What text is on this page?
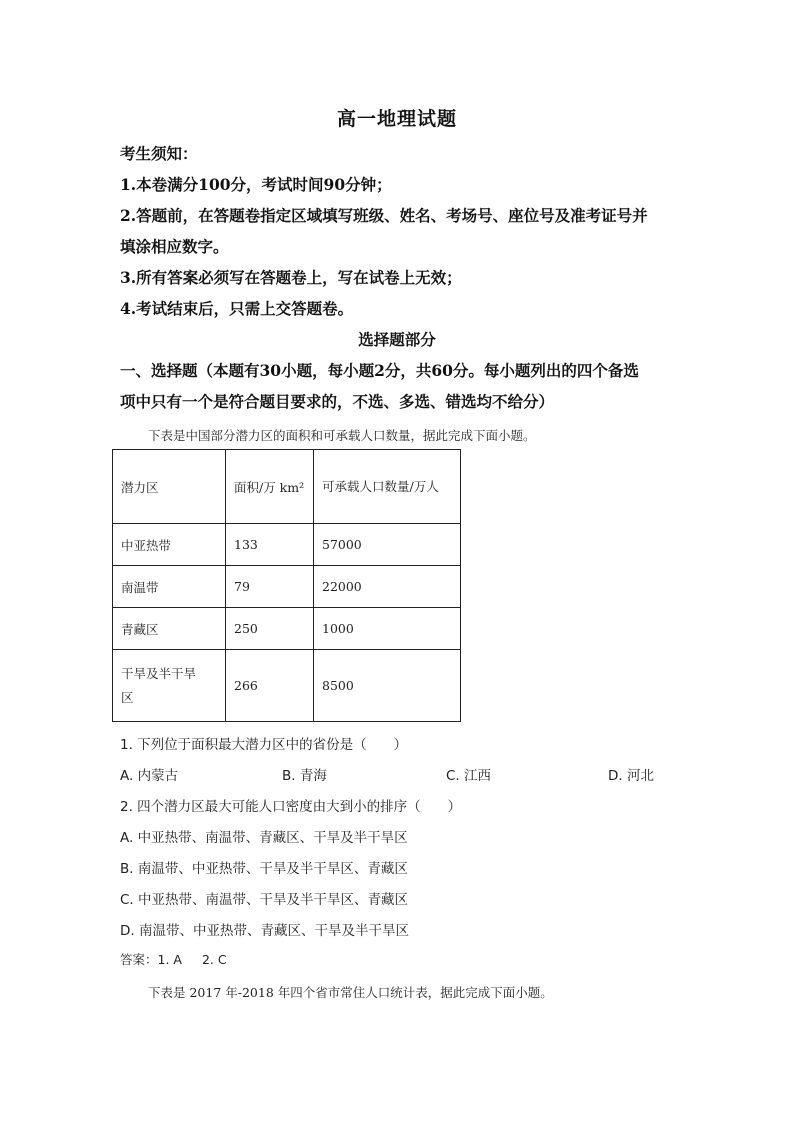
高一地理试题
考生须知：
1.本卷满分100分，考试时间90分钟；
2.答题前，在答题卷指定区域填写班级、姓名、考场号、座位号及准考证号并
填涂相应数字。
3.所有答案必须写在答题卷上，写在试卷上无效；
4.考试结束后，只需上交答题卷。
选择题部分
一、选择题（本题有30小题，每小题2分，共60分。每小题列出的四个备选
项中只有一个是符合题目要求的，不选、多选、错选均不给分）
下表是中国部分潜力区的面积和可承载人口数量，据此完成下面小题。
潜力区	面积/万 km²	可承载人口数量/万人

中亚热带	133	57000
南温带	79	22000
青藏区	250	1000

干旱及半干旱区	266	8500
1. 下列位于面积最大潜力区中的省份是（　　）
A. 内蒙古	B. 青海	C. 江西	D. 河北
2. 四个潜力区最大可能人口密度由大到小的排序（　　）
A. 中亚热带、南温带、青藏区、干旱及半干旱区
B. 南温带、中亚热带、干旱及半干旱区、青藏区
C. 中亚热带、南温带、干旱及半干旱区、青藏区
D. 南温带、中亚热带、青藏区、干旱及半干旱区
答案：1. A 2. C
下表是 2017 年-2018 年四个省市常住人口统计表，据此完成下面小题。
